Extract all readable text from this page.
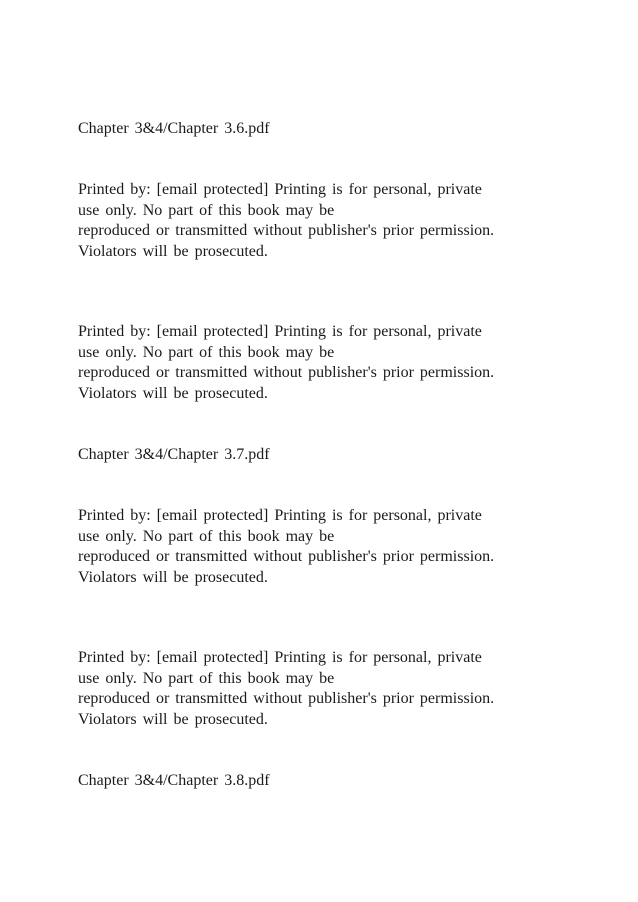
Chapter 3&4/Chapter 3.6.pdf
Printed by: [email protected] Printing is for personal, private
use only. No part of this book may be
reproduced or transmitted without publisher's prior permission.
Violators will be prosecuted.
Printed by: [email protected] Printing is for personal, private
use only. No part of this book may be
reproduced or transmitted without publisher's prior permission.
Violators will be prosecuted.
Chapter 3&4/Chapter 3.7.pdf
Printed by: [email protected] Printing is for personal, private
use only. No part of this book may be
reproduced or transmitted without publisher's prior permission.
Violators will be prosecuted.
Printed by: [email protected] Printing is for personal, private
use only. No part of this book may be
reproduced or transmitted without publisher's prior permission.
Violators will be prosecuted.
Chapter 3&4/Chapter 3.8.pdf
